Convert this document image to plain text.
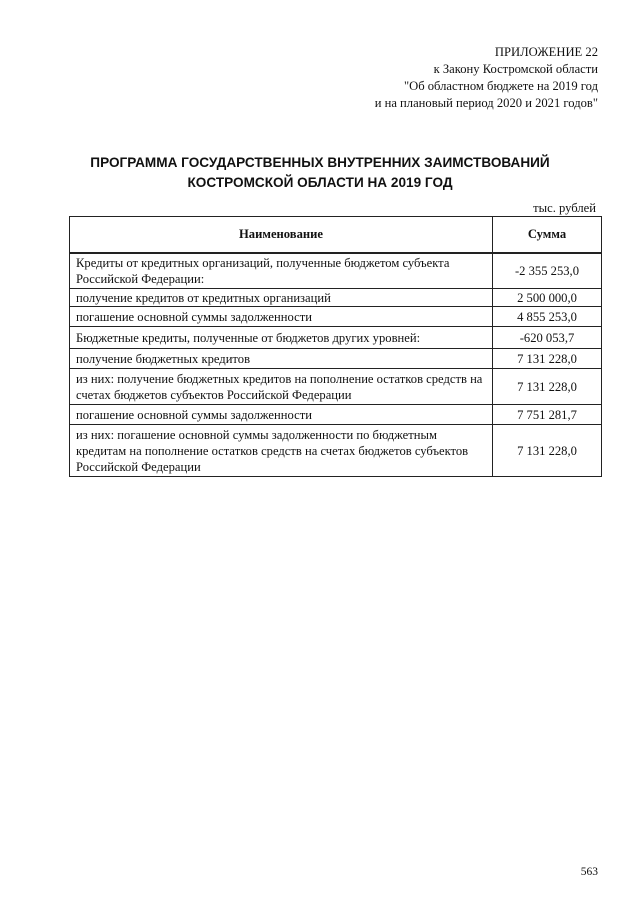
ПРИЛОЖЕНИЕ 22
к Закону Костромской области
"Об областном бюджете на 2019 год
и на плановый период 2020 и 2021 годов"
ПРОГРАММА ГОСУДАРСТВЕННЫХ ВНУТРЕННИХ ЗАИМСТВОВАНИЙ
КОСТРОМСКОЙ ОБЛАСТИ НА 2019 ГОД
тыс. рублей
Наименование	Сумма
Кредиты от кредитных организаций, полученные бюджетом субъекта Российской Федерации:	-2 355 253,0
получение кредитов от кредитных организаций	2 500 000,0
погашение основной суммы задолженности	4 855 253,0
Бюджетные кредиты, полученные от бюджетов других уровней:	-620 053,7
получение бюджетных кредитов	7 131 228,0
из них: получение бюджетных кредитов на пополнение остатков средств на счетах бюджетов субъектов Российской Федерации	7 131 228,0
погашение основной суммы задолженности	7 751 281,7
из них: погашение основной суммы задолженности по бюджетным кредитам на пополнение остатков средств на счетах бюджетов субъектов Российской Федерации	7 131 228,0
563
